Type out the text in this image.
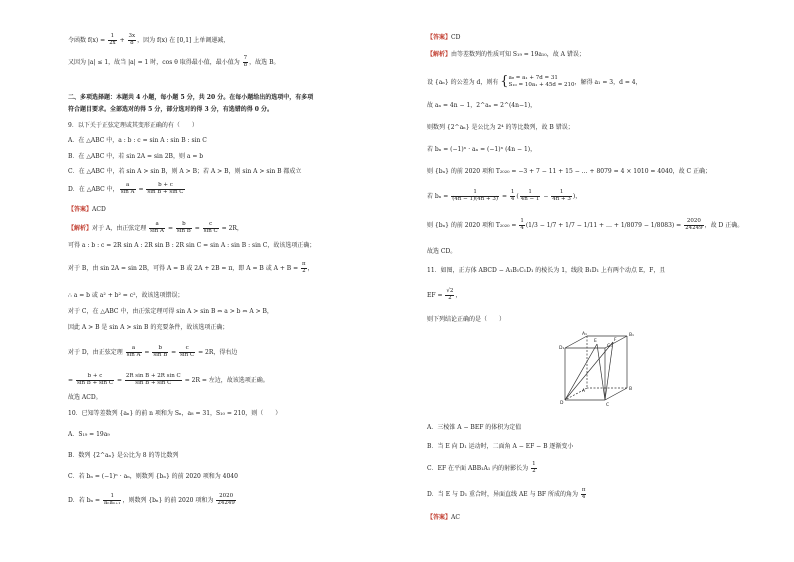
令函数 $f(x) = \frac{1}{2x} + \frac{3x}{8}$ ，因为 f(x) 在 [0,1] 上单调递减，
又因为 |a| ≤ 1，故当 |a| = 1 时，cos θ 取得最小值，最小值为 $\frac{7}{8}$ ，故选 B。
二、多项选择题：本题共 4 小题，每小题 5 分，共 20 分。在每小题给出的选项中，有多项
符合题目要求。全部选对的得 5 分，部分选对的得 3 分，有选错的得 0 分。
9．以下关于正弦定理或其变形正确的有（　　）
A．在 △ABC 中，a : b : c = sin A : sin B : sin C
B．在 △ABC 中，若 sin 2A = sin 2B，则 a = b
C．在 △ABC 中，若 sin A > sin B，则 A > B；若 A > B，则 sin A > sin B 都成立
D．在 △ABC 中， $\frac{a}{\text{sin A}} = \frac{b + c}{\text{sin B + sin C}}$
【答案】ACD
【解析】对于 A，由正弦定理 $\frac{a}{\text{sin A}} = \frac{b}{\text{sin B}} = \frac{c}{\text{sin C}} = 2R$，
可得 a : b : c = 2R sin A : 2R sin B : 2R sin C = sin A : sin B : sin C，故该选项正确；
对于 B，由 sin 2A = sin 2B，可得 A = B 或 2A + 2B = π，即 A = B 或 $A + B = \frac{\pi}{2}$ ，
∴ a = b 或 a² + b² = c²，故该选项错误；
对于 C，在 △ABC 中，由正弦定理可得 sin A > sin B ⇔ a > b ⇔ A > B，
因此 A > B 是 sin A > sin B 的充要条件，故该选项正确；
对于 D，由正弦定理 $\frac{a}{\text{sin A}} = \frac{b}{\text{sin B}} = \frac{c}{\text{sin C}} = 2R$，得右边
= $\frac{b + c}{\text{sin B + sin C}} = \frac{\text{2R sin B + 2R sin C}}{\text{sin B + sin C}} = 2R$ = 左边，故该选项正确。
故选 ACD。
10．已知等差数列 {aₙ} 的前 n 项和为 Sₙ，a₈ = 31，S₁₀ = 210，则（　　）
A．S₁₉ = 19a₉
B．数列 {2^aₙ} 是公比为 8 的等比数列
C．若 bₙ = (−1)ⁿ · aₙ，则数列 {bₙ} 的前 2020 项和为 4040
D．若 $b_n = \frac{1}{\text{aₙaₙ₊₁}}$ ，则数列 {bₙ} 的前 2020 项和为 $\frac{2020}{24249}$
【答案】CD
【解析】由等差数列的性质可知 S₁₉ = 19a₁₀，故 A 错误；
设 {aₙ} 的公差为 d，则有 { a₈ = a₁ + 7d = 31
S₁₀ = 10a₁ + 45d = 210 ，解得 a₁ = 3，d = 4，
故 aₙ = 4n − 1，2^aₙ = 2^(4n−1)，
则数列 {2^aₙ} 是公比为 2⁴ 的等比数列，故 B 错误；
若 bₙ = (−1)ⁿ · aₙ = (−1)ⁿ (4n − 1)，
则 {bₙ} 的前 2020 项和 T₂₀₂₀ = −3 + 7 − 11 + 15 − … + 8079 = 4 × 1010 = 4040，故 C 正确；
若 $b_n = \frac{1}{(4n - 1)(4n + 3)} = \frac{1}{4}$ ( $\frac{1}{4n - 1} - \frac{1}{4n + 3}$ )，
则 {bₙ} 的前 2020 项和 $T_{2020} = \frac{1}{4} (1/3 - 1/7 + 1/7 - 1/11$ + … + $1/8079 - 1/8083) = \frac{2020}{24249}$ ，故 D 正确。
故选 CD。
11．如图，正方体 ABCD − A₁B₁C₁D₁ 的棱长为 1，线段 B₁D₁ 上有两个动点 E，F，且
EF = $\frac{√2}{2}$ ，
则下列结论正确的是（　　）
A．三棱锥 A − BEF 的体积为定值
B．当 E 向 D₁ 运动时，二面角 A − EF − B 逐渐变小
C．EF 在平面 ABB₁A₁ 内的射影长为 $\frac{1}{2}$
D．当 E 与 D₁ 重合时，异面直线 AE 与 BF 所成的角为 $\frac{\pi}{4}$
【答案】AC
D₁
A₁	B₁
C₁
E	F
A	B
C
D
